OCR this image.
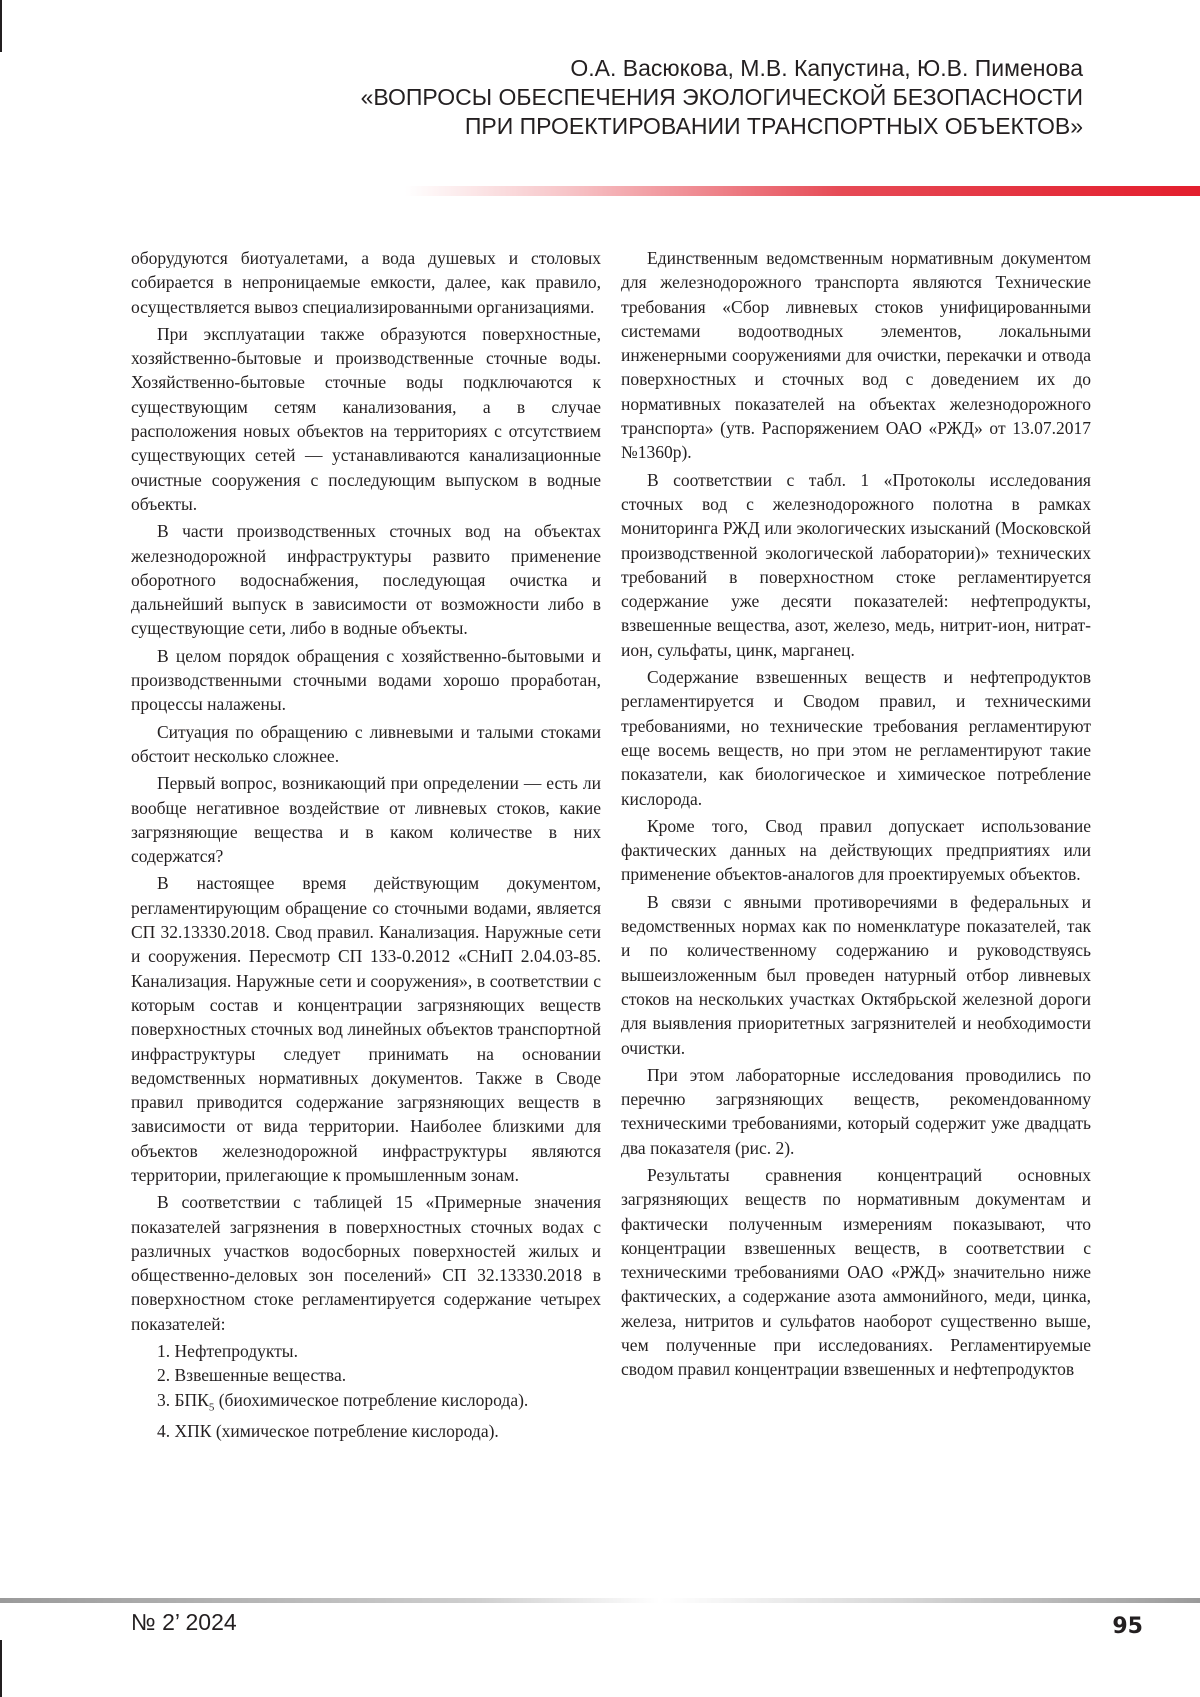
О.А. Васюкова, М.В. Капустина, Ю.В. Пименова
«ВОПРОСЫ ОБЕСПЕЧЕНИЯ ЭКОЛОГИЧЕСКОЙ БЕЗОПАСНОСТИ
ПРИ ПРОЕКТИРОВАНИИ ТРАНСПОРТНЫХ ОБЪЕКТОВ»

оборудуются биотуалетами, а вода душевых и столовых собирается в непроницаемые емкости, далее, как правило, осуществляется вывоз специализированными организациями.

При эксплуатации также образуются поверхностные, хозяйственно-бытовые и производственные сточные воды. Хозяйственно-бытовые сточные воды подключаются к существующим сетям канализования, а в случае расположения новых объектов на территориях с отсутствием существующих сетей — устанавливаются канализационные очистные сооружения с последующим выпуском в водные объекты.

В части производственных сточных вод на объектах железнодорожной инфраструктуры развито применение оборотного водоснабжения, последующая очистка и дальнейший выпуск в зависимости от возможности либо в существующие сети, либо в водные объекты.

В целом порядок обращения с хозяйственно-бытовыми и производственными сточными водами хорошо проработан, процессы налажены.

Ситуация по обращению с ливневыми и талыми стоками обстоит несколько сложнее.

Первый вопрос, возникающий при определении — есть ли вообще негативное воздействие от ливневых стоков, какие загрязняющие вещества и в каком количестве в них содержатся?

В настоящее время действующим документом, регламентирующим обращение со сточными водами, является СП 32.13330.2018. Свод правил. Канализация. Наружные сети и сооружения. Пересмотр СП 133-0.2012 «СНиП 2.04.03-85. Канализация. Наружные сети и сооружения», в соответствии с которым состав и концентрации загрязняющих веществ поверхностных сточных вод линейных объектов транспортной инфраструктуры следует принимать на основании ведомственных нормативных документов. Также в Своде правил приводится содержание загрязняющих веществ в зависимости от вида территории. Наиболее близкими для объектов железнодорожной инфраструктуры являются территории, прилегающие к промышленным зонам.

В соответствии с таблицей 15 «Примерные значения показателей загрязнения в поверхностных сточных водах с различных участков водосборных поверхностей жилых и общественно-деловых зон поселений» СП 32.13330.2018 в поверхностном стоке регламентируется содержание четырех показателей:

1. Нефтепродукты.
2. Взвешенные вещества.
3. $БПК_5$ (биохимическое потребление кислорода).
4. ХПК (химическое потребление кислорода).

Единственным ведомственным нормативным документом для железнодорожного транспорта являются Технические требования «Сбор ливневых стоков унифицированными системами водоотводных элементов, локальными инженерными сооружениями для очистки, перекачки и отвода поверхностных и сточных вод с доведением их до нормативных показателей на объектах железнодорожного транспорта» (утв. Распоряжением ОАО «РЖД» от 13.07.2017 №1360р).

В соответствии с табл. 1 «Протоколы исследования сточных вод с железнодорожного полотна в рамках мониторинга РЖД или экологических изысканий (Московской производственной экологической лаборатории)» технических требований в поверхностном стоке регламентируется содержание уже десяти показателей: нефтепродукты, взвешенные вещества, азот, железо, медь, нитрит-ион, нитрат-ион, сульфаты, цинк, марганец.

Содержание взвешенных веществ и нефтепродуктов регламентируется и Сводом правил, и техническими требованиями, но технические требования регламентируют еще восемь веществ, но при этом не регламентируют такие показатели, как биологическое и химическое потребление кислорода.

Кроме того, Свод правил допускает использование фактических данных на действующих предприятиях или применение объектов-аналогов для проектируемых объектов.

В связи с явными противоречиями в федеральных и ведомственных нормах как по номенклатуре показателей, так и по количественному содержанию и руководствуясь вышеизложенным был проведен натурный отбор ливневых стоков на нескольких участках Октябрьской железной дороги для выявления приоритетных загрязнителей и необходимости очистки.

При этом лабораторные исследования проводились по перечню загрязняющих веществ, рекомендованному техническими требованиями, который содержит уже двадцать два показателя (рис. 2).

Результаты сравнения концентраций основных загрязняющих веществ по нормативным документам и фактически полученным измерениям показывают, что концентрации взвешенных веществ, в соответствии с техническими требованиями ОАО «РЖД» значительно ниже фактических, а содержание азота аммонийного, меди, цинка, железа, нитритов и сульфатов наоборот существенно выше, чем полученные при исследованиях. Регламентируемые сводом правил концентрации взвешенных и нефтепродуктов

№ 2’ 2024	95
